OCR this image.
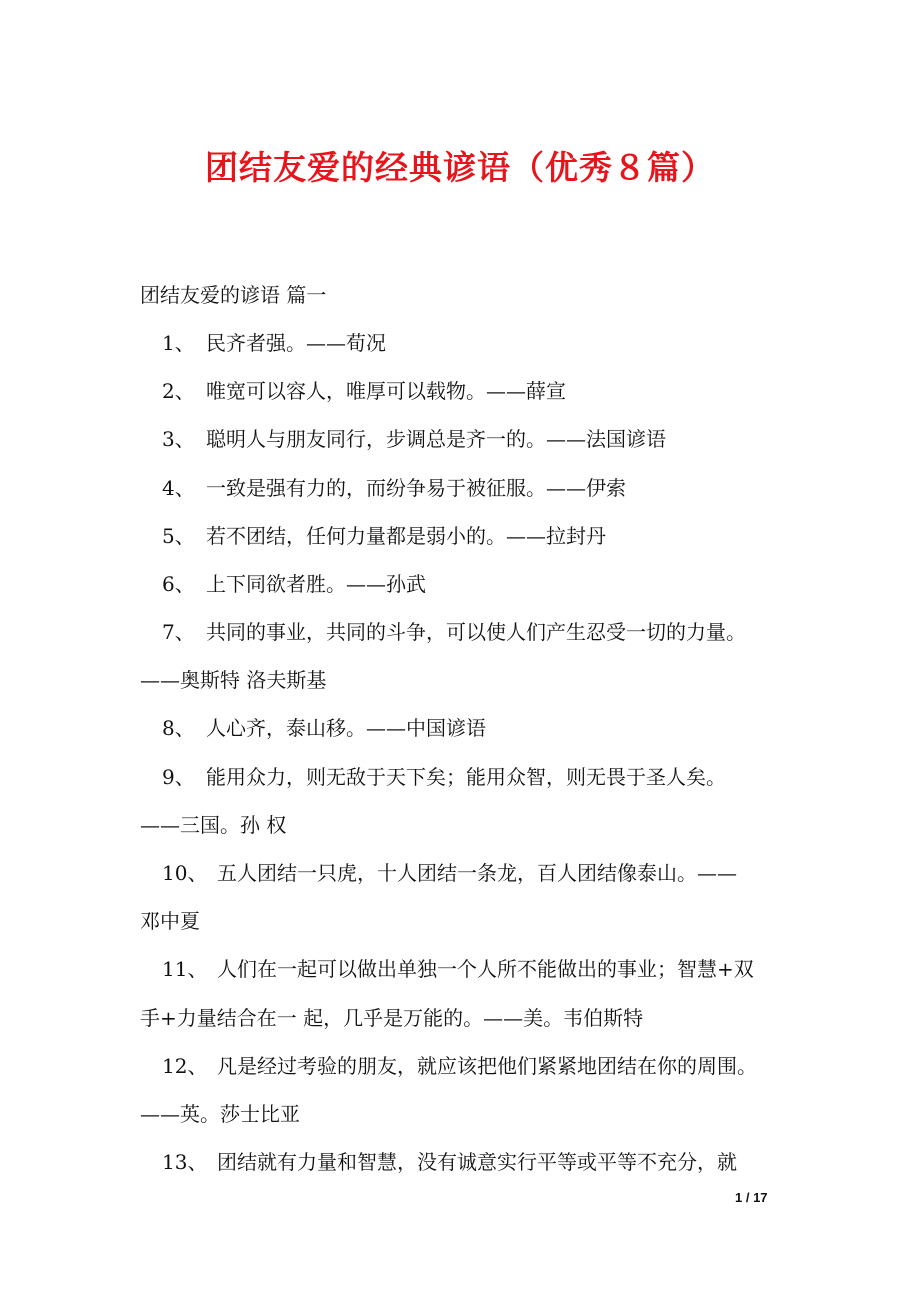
团结友爱的经典谚语（优秀８篇）
团结友爱的谚语 篇一
1、 民齐者强。——荀况
2、 唯宽可以容人，唯厚可以载物。——薛宣
3、 聪明人与朋友同行，步调总是齐一的。——法国谚语
4、 一致是强有力的，而纷争易于被征服。——伊索
5、 若不团结，任何力量都是弱小的。——拉封丹
6、 上下同欲者胜。——孙武
7、 共同的事业，共同的斗争，可以使人们产生忍受一切的力量。
——奥斯特 洛夫斯基
8、 人心齐，泰山移。——中国谚语
9、 能用众力，则无敌于天下矣；能用众智，则无畏于圣人矣。
——三国。孙 权
10、 五人团结一只虎，十人团结一条龙，百人团结像泰山。——
邓中夏
11、 人们在一起可以做出单独一个人所不能做出的事业；智慧+双
手+力量结合在一 起，几乎是万能的。——美。韦伯斯特
12、 凡是经过考验的朋友，就应该把他们紧紧地团结在你的周围。
——英。莎士比亚
13、 团结就有力量和智慧，没有诚意实行平等或平等不充分，就
1 / 17
